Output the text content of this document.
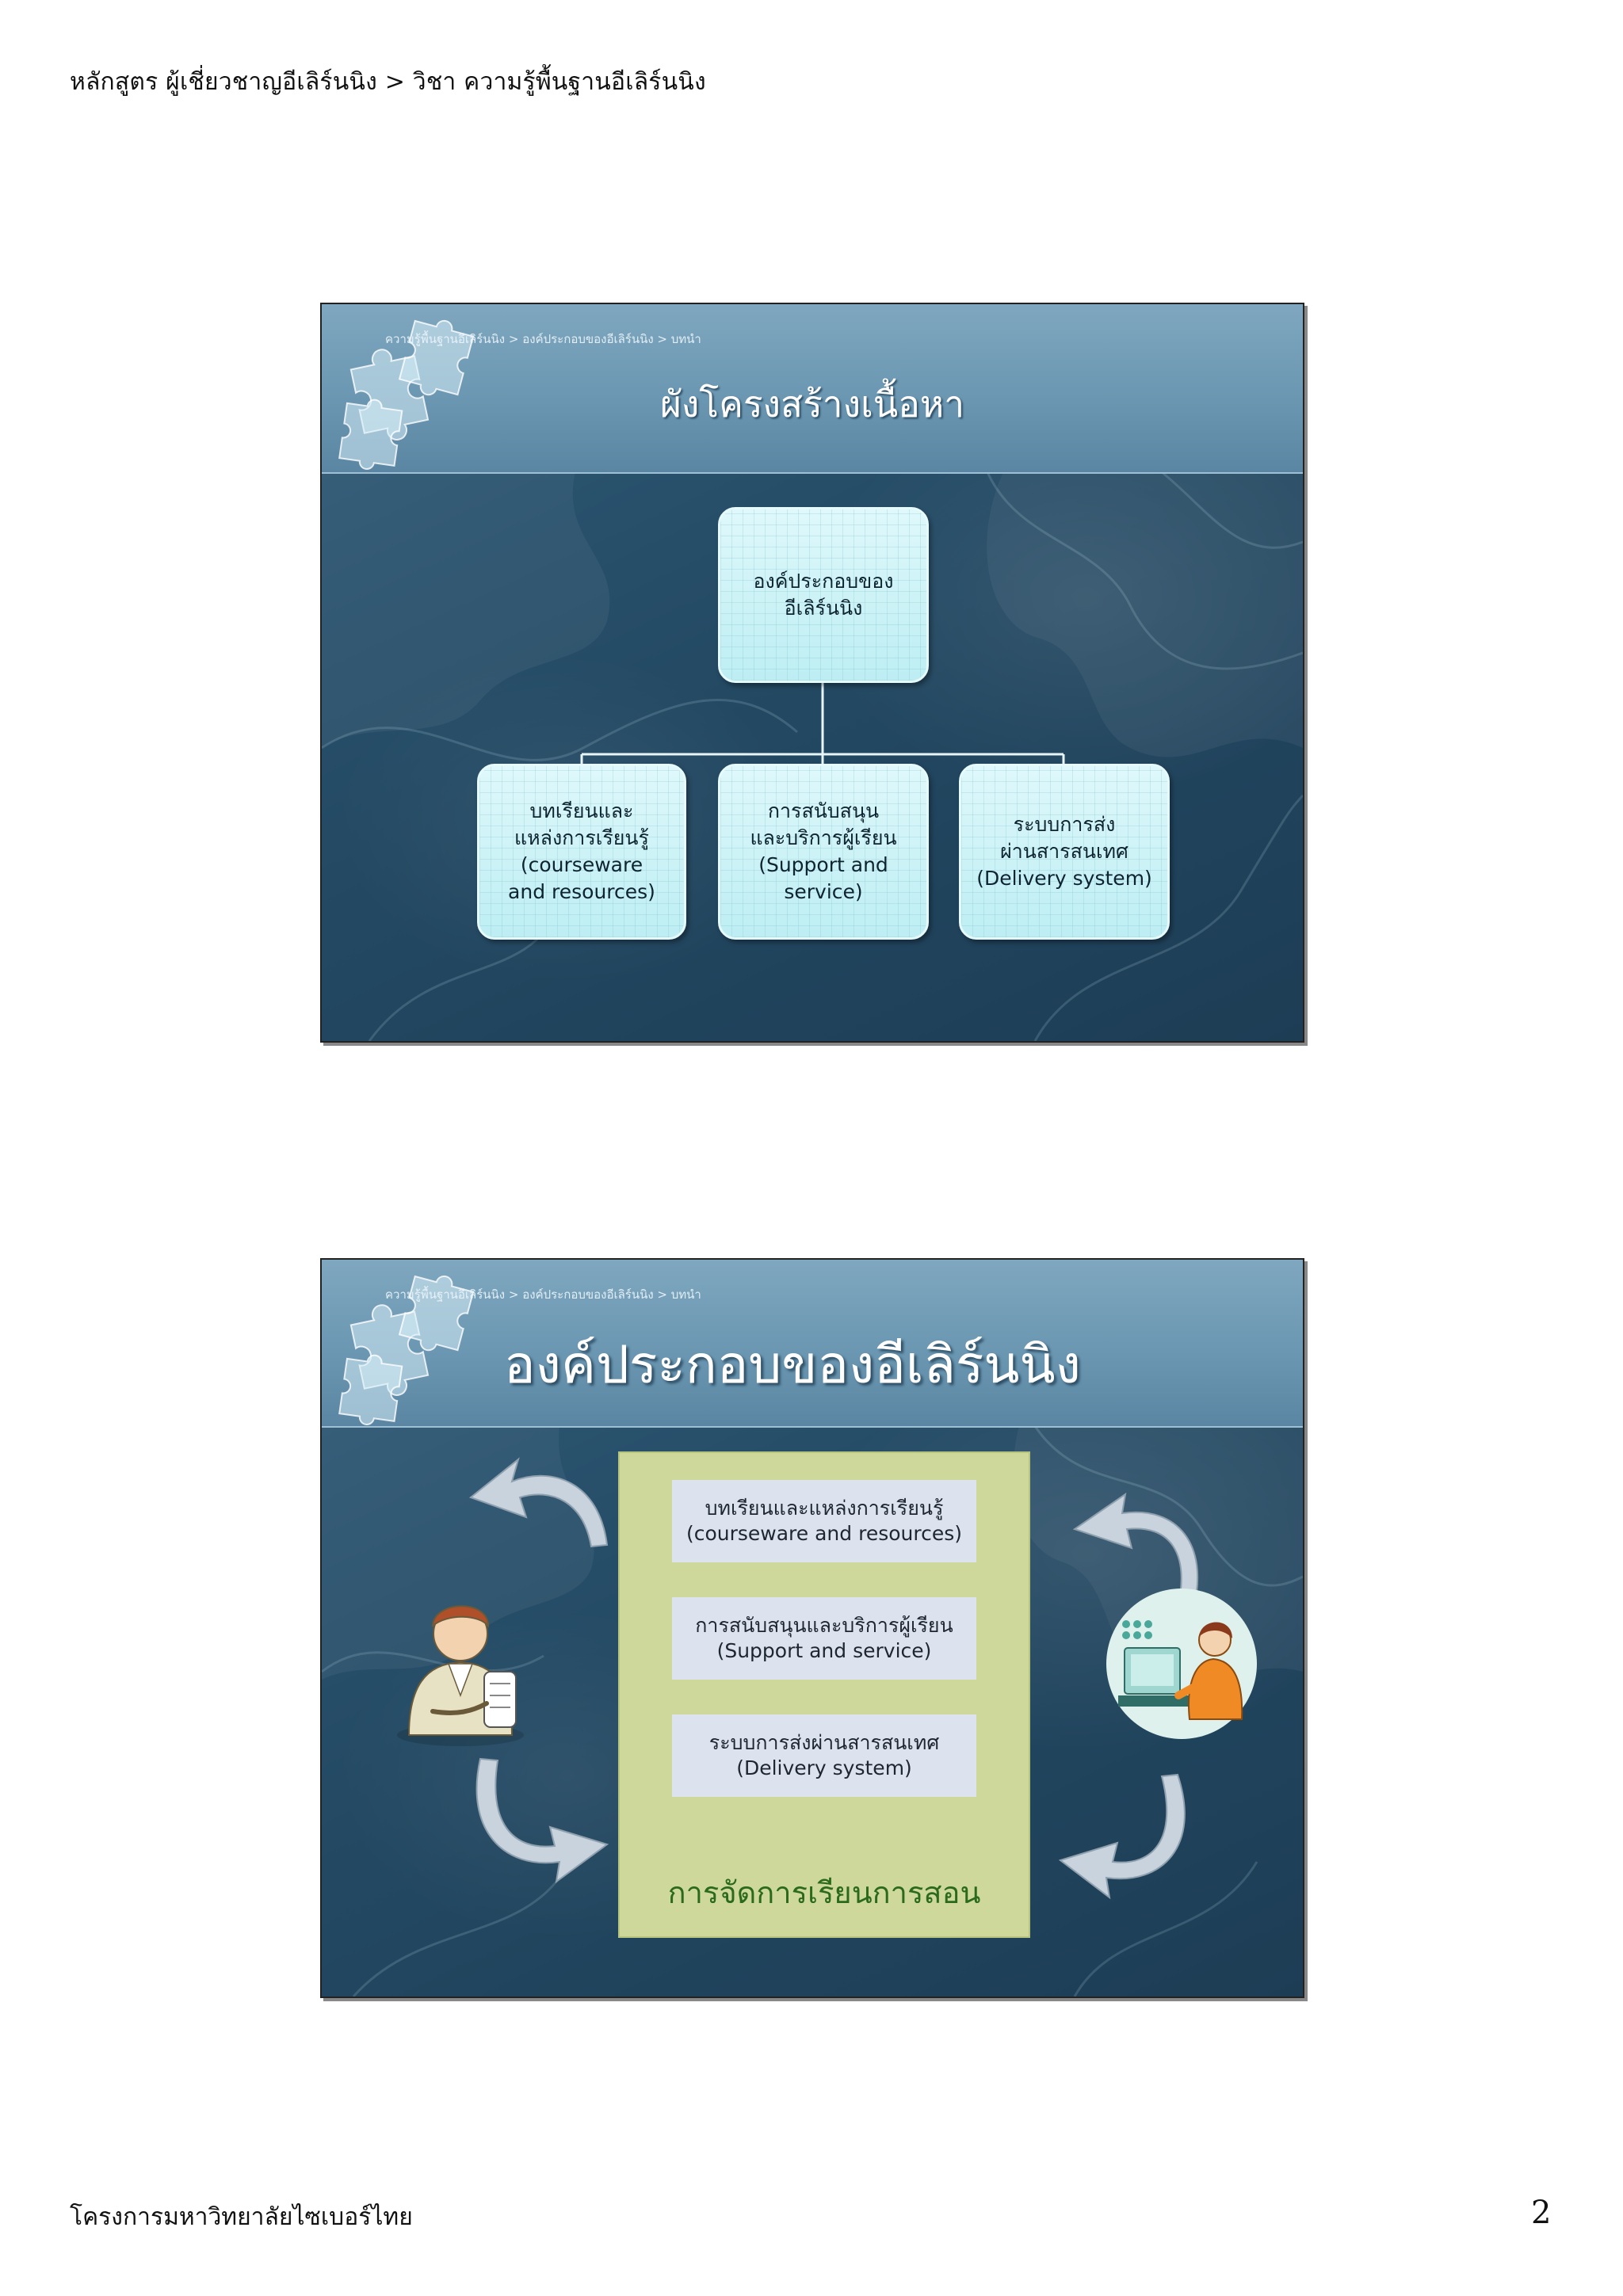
หลักสูตร ผู้เชี่ยวชาญอีเลิร์นนิง > วิชา ความรู้พื้นฐานอีเลิร์นนิง
ความรู้พื้นฐานอีเลิร์นนิง > องค์ประกอบของอีเลิร์นนิง > บทนำ
ผังโครงสร้างเนื้อหา
องค์ประกอบของ
อีเลิร์นนิง
บทเรียนและ
แหล่งการเรียนรู้
(courseware
and resources)
การสนับสนุน
และบริการผู้เรียน
(Support and
service)
ระบบการส่ง
ผ่านสารสนเทศ
(Delivery system)
ความรู้พื้นฐานอีเลิร์นนิง > องค์ประกอบของอีเลิร์นนิง > บทนำ
องค์ประกอบของอีเลิร์นนิง
บทเรียนและแหล่งการเรียนรู้
(courseware and resources)
การสนับสนุนและบริการผู้เรียน
(Support and service)
ระบบการส่งผ่านสารสนเทศ
(Delivery system)
การจัดการเรียนการสอน
โครงการมหาวิทยาลัยไซเบอร์ไทย	2
